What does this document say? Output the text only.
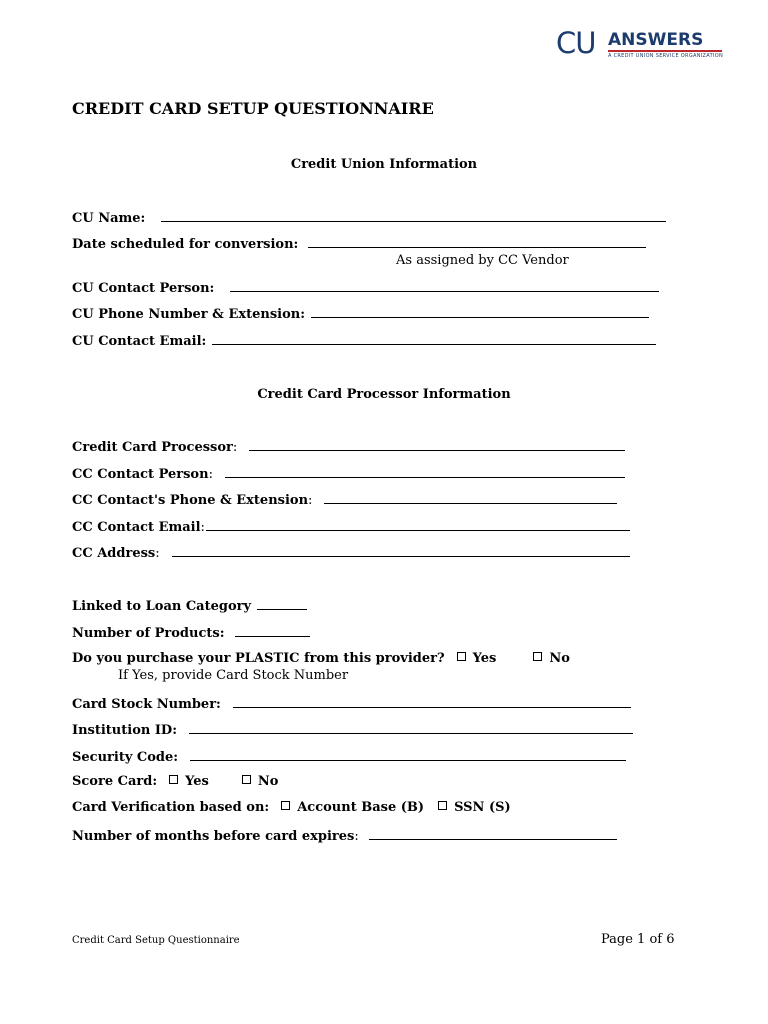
CU ANSWERS
A CREDIT UNION SERVICE ORGANIZATION
CREDIT CARD SETUP QUESTIONNAIRE
Credit Union Information
CU Name:
Date scheduled for conversion:
As assigned by CC Vendor
CU Contact Person:
CU Phone Number & Extension:
CU Contact Email:
Credit Card Processor Information
Credit Card Processor :
CC Contact Person :
CC Contact's Phone & Extension :
CC Contact Email :
CC Address :
Linked to Loan Category
Number of Products:
Do you purchase your PLASTIC from this provider? Yes	No
If Yes, provide Card Stock Number
Card Stock Number:
Institution ID:
Security Code:
Score Card: Yes	No
Card Verification based on: Account Base (B) SSN (S)
Number of months before card expires :
Credit Card Setup Questionnaire	Page 1 of 6
